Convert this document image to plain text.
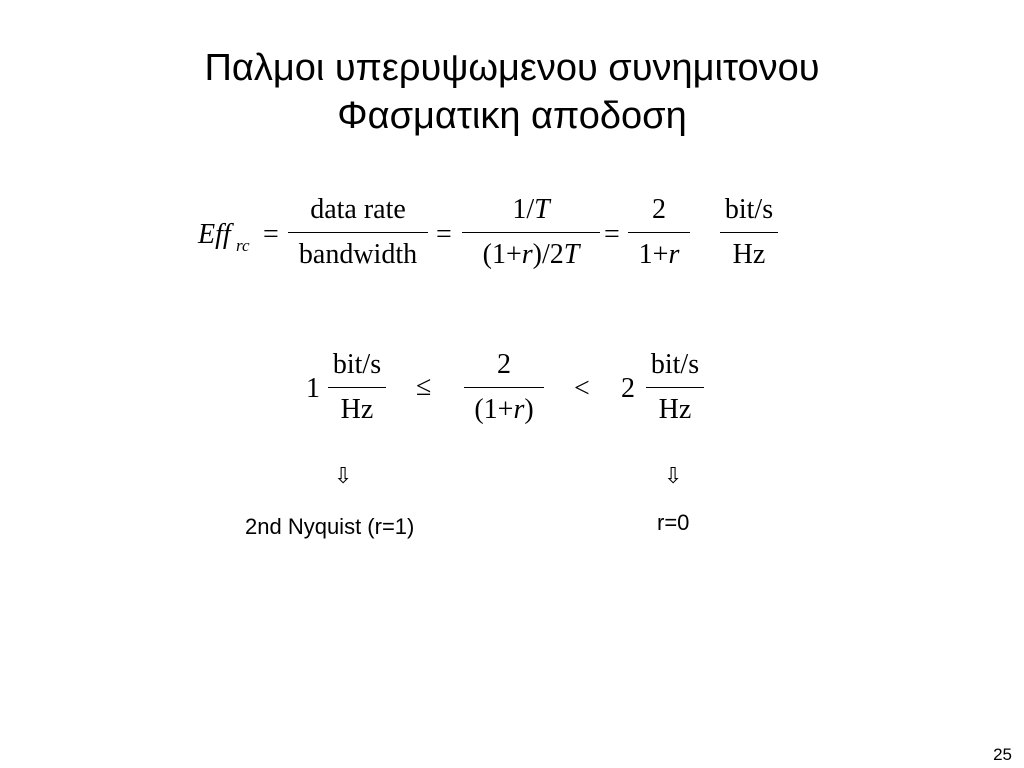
Παλμοι υπερυψωμενου συνημιτονου
Φασματικη αποδοση
Eff rc =
data rate
bandwidth
=
1/T
(1+r)/2T
=
2
1+r
bit/s
Hz
1
bit/s
Hz
≤
2
(1+r)
< 2
bit/s
Hz
⇩	⇩
2nd Nyquist (r=1)	r=0
25
